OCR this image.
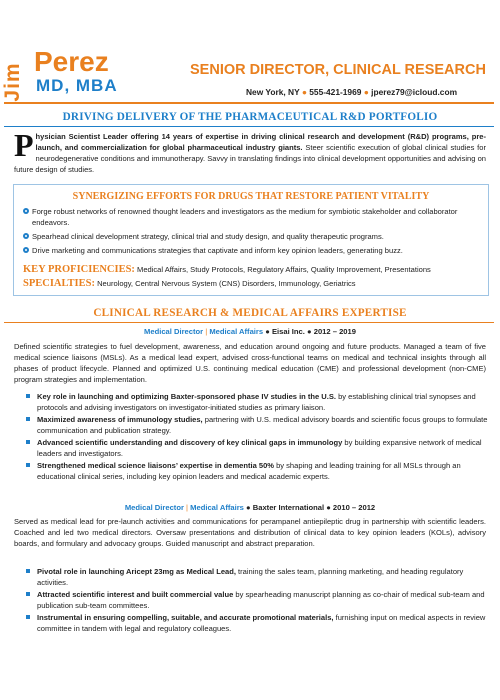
Jim
Perez
MD, MBA
SENIOR DIRECTOR, CLINICAL RESEARCH
New York, NY ● 555-421-1969 ● jperez79@icloud.com
DRIVING DELIVERY OF THE PHARMACEUTICAL R&D PORTFOLIO
Physician Scientist Leader offering 14 years of expertise in driving clinical research and development (R&D) programs, pre-launch, and commercialization for global pharmaceutical industry giants. Steer scientific execution of global clinical studies for neurodegenerative conditions and immunotherapy. Savvy in translating findings into clinical development opportunities and advising on future design of studies.
SYNERGIZING EFFORTS FOR DRUGS THAT RESTORE PATIENT VITALITY
Forge robust networks of renowned thought leaders and investigators as the medium for symbiotic stakeholder and collaborator endeavors.
Spearhead clinical development strategy, clinical trial and study design, and quality therapeutic programs.
Drive marketing and communications strategies that captivate and inform key opinion leaders, generating buzz.
KEY PROFICIENCIES: Medical Affairs, Study Protocols, Regulatory Affairs, Quality Improvement, Presentations
SPECIALTIES: Neurology, Central Nervous System (CNS) Disorders, Immunology, Geriatrics
CLINICAL RESEARCH & MEDICAL AFFAIRS EXPERTISE
Medical Director | Medical Affairs ● Eisai Inc. ● 2012 – 2019
Defined scientific strategies to fuel development, awareness, and education around ongoing and future products. Managed a team of five medical science liaisons (MSLs). As a medical lead expert, advised cross-functional teams on medical and technical insights through all phases of product lifecycle. Planned and optimized U.S. continuing medical education (CME) and professional development (non-CME) program strategies and implementation.
Key role in launching and optimizing Baxter-sponsored phase IV studies in the U.S. by establishing clinical trial synopses and protocols and advising investigators on investigator-initiated studies as primary liaison.
Maximized awareness of immunology studies, partnering with U.S. medical advisory boards and scientific focus groups to formulate communication and publication strategy.
Advanced scientific understanding and discovery of key clinical gaps in immunology by building expansive network of medical leaders and investigators.
Strengthened medical science liaisons’ expertise in dementia 50% by shaping and leading training for all MSLs through an educational clinical series, including key opinion leaders and medical academic experts.
Medical Director | Medical Affairs ● Baxter International ● 2010 – 2012
Served as medical lead for pre-launch activities and communications for perampanel antiepileptic drug in partnership with scientific leaders. Coached and led two medical directors. Oversaw presentations and distribution of clinical data to key opinion leaders (KOLs), advisory boards, and formulary and advocacy groups. Guided manuscript and abstract preparation.
Pivotal role in launching Aricept 23mg as Medical Lead, training the sales team, planning marketing, and heading regulatory activities.
Attracted scientific interest and built commercial value by spearheading manuscript planning as co-chair of medical sub-team and publication sub-team committees.
Instrumental in ensuring compelling, suitable, and accurate promotional materials, furnishing input on medical aspects in review committee in tandem with legal and regulatory colleagues.
